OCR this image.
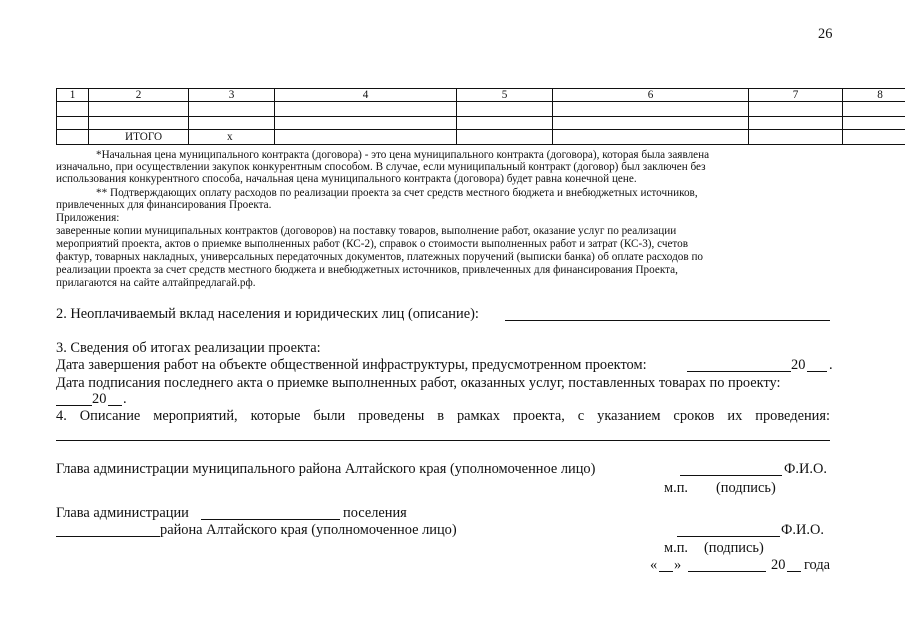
26
1	2	3	4	5	6	7	8

	ИТОГО	x					
*Начальная цена муниципального контракта (договора) - это цена муниципального контракта (договора), которая была заявлена
изначально, при осуществлении закупок конкурентным способом. В случае, если муниципальный контракт (договор) был заключен без
использования конкурентного способа, начальная цена муниципального контракта (договора) будет равна конечной цене.
** Подтверждающих оплату расходов по реализации проекта за счет средств местного бюджета и внебюджетных источников,
привлеченных для финансирования Проекта.
Приложения:
заверенные копии муниципальных контрактов (договоров) на поставку товаров, выполнение работ, оказание услуг по реализации
мероприятий проекта, актов о приемке выполненных работ (КС-2), справок о стоимости выполненных работ и затрат (КС-3), счетов
фактур, товарных накладных, универсальных передаточных документов, платежных поручений (выписки банка) об оплате расходов по
реализации проекта за счет средств местного бюджета и внебюджетных источников, привлеченных для финансирования Проекта,
прилагаются на сайте алтайпредлагай.рф.
2. Неоплачиваемый вклад населения и юридических лиц (описание):
3. Сведения об итогах реализации проекта:
Дата завершения работ на объекте общественной инфраструктуры, предусмотренном проектом:	20 .
Дата подписания последнего акта о приемке выполненных работ, оказанных услуг, поставленных товарах по проекту:
20 .
4. Описание мероприятий, которые были проведены в рамках проекта, с указанием сроков их проведения:
Глава администрации муниципального района Алтайского края (уполномоченное лицо)	Ф.И.О.
м.п. (подпись)
Глава администрации	поселения
района Алтайского края (уполномоченное лицо)	Ф.И.О.
м.п. (подпись)
« »	20 года
